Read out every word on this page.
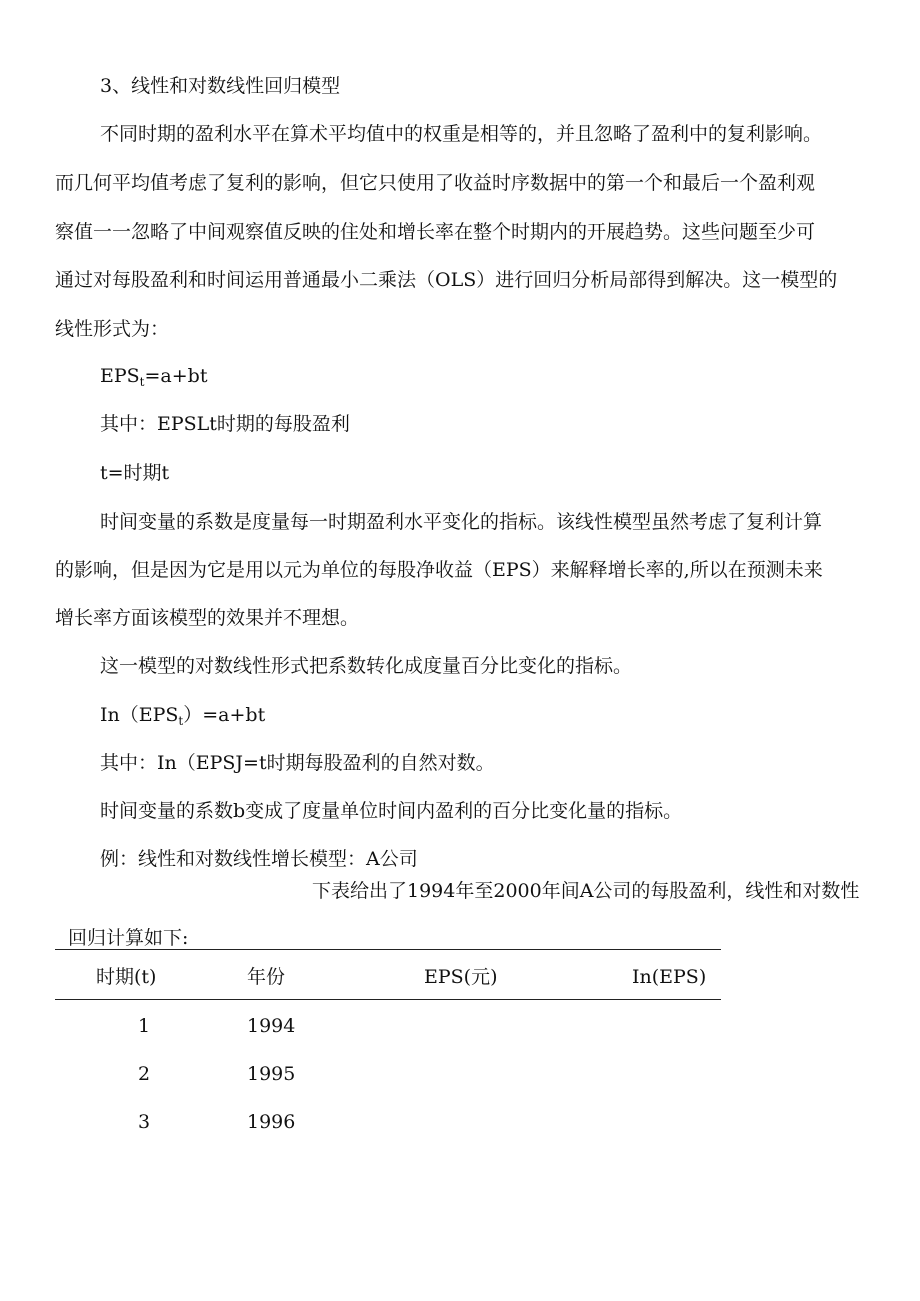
3、线性和对数线性回归模型
不同时期的盈利水平在算术平均值中的权重是相等的，并且忽略了盈利中的复利影响。
而几何平均值考虑了复利的影响，但它只使用了收益时序数据中的第一个和最后一个盈利观
察值一一忽略了中间观察值反映的住处和增长率在整个时期内的开展趋势。这些问题至少可
通过对每股盈利和时间运用普通最小二乘法（OLS）进行回归分析局部得到解决。这一模型的
线性形式为：
$EPS_t=a+bt$
其中：EPSLt时期的每股盈利
t=时期t
时间变量的系数是度量每一时期盈利水平变化的指标。该线性模型虽然考虑了复利计算
的影响，但是因为它是用以元为单位的每股净收益（EPS）来解释增长率的,所以在预测未来
增长率方面该模型的效果并不理想。
这一模型的对数线性形式把系数转化成度量百分比变化的指标。
$In(EPS_t)=a+bt$
其中：In（EPSJ=t时期每股盈利的自然对数。
时间变量的系数b变成了度量单位时间内盈利的百分比变化量的指标。
例：线性和对数线性增长模型：A公司
下表给出了1994年至2000年间A公司的每股盈利，线性和对数性
回归计算如下:
时期(t)	年份	EPS(元)	In(EPS)
1	1994
2	1995
3	1996
